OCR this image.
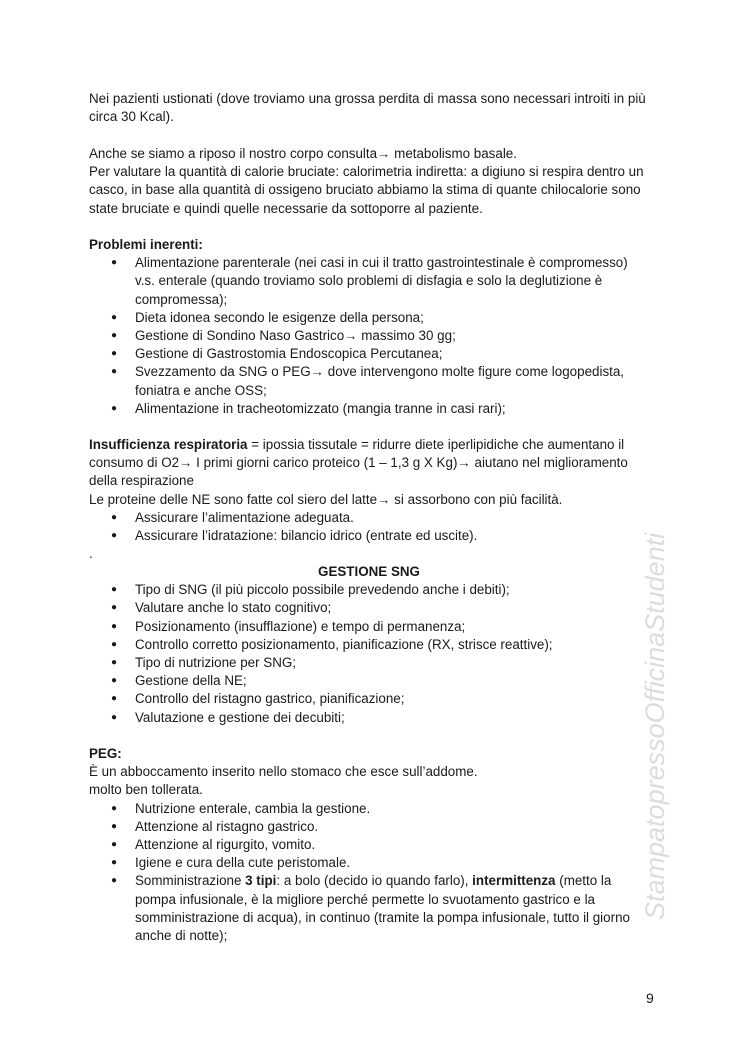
Nei pazienti ustionati (dove troviamo una grossa perdita di massa sono necessari introiti in più circa 30 Kcal).

Anche se siamo a riposo il nostro corpo consulta→ metabolismo basale.

Per valutare la quantità di calorie bruciate: calorimetria indiretta: a digiuno si respira dentro un casco, in base alla quantità di ossigeno bruciato abbiamo la stima di quante chilocalorie sono state bruciate e quindi quelle necessarie da sottoporre al paziente.

Problemi inerenti:

● Alimentazione parenterale (nei casi in cui il tratto gastrointestinale è compromesso) v.s. enterale (quando troviamo solo problemi di disfagia e solo la deglutizione è compromessa);
● Dieta idonea secondo le esigenze della persona;
● Gestione di Sondino Naso Gastrico→ massimo 30 gg;
● Gestione di Gastrostomia Endoscopica Percutanea;
● Svezzamento da SNG o PEG→ dove intervengono molte figure come logopedista, foniatra e anche OSS;
● Alimentazione in tracheotomizzato (mangia tranne in casi rari);

Insufficienza respiratoria = ipossia tissutale = ridurre diete iperlipidiche che aumentano il consumo di O2→ I primi giorni carico proteico (1 – 1,3 g X Kg)→ aiutano nel miglioramento della respirazione

Le proteine delle NE sono fatte col siero del latte→ si assorbono con più facilità.

● Assicurare l’alimentazione adeguata.
● Assicurare l’idratazione: bilancio idrico (entrate ed uscite).

.

GESTIONE SNG

● Tipo di SNG (il più piccolo possibile prevedendo anche i debiti);
● Valutare anche lo stato cognitivo;
● Posizionamento (insufflazione) e tempo di permanenza;
● Controllo corretto posizionamento, pianificazione (RX, strisce reattive);
● Tipo di nutrizione per SNG;
● Gestione della NE;
● Controllo del ristagno gastrico, pianificazione;
● Valutazione e gestione dei decubiti;

PEG:

È un abboccamento inserito nello stomaco che esce sull’addome.

molto ben tollerata.

● Nutrizione enterale, cambia la gestione.
● Attenzione al ristagno gastrico.
● Attenzione al rigurgito, vomito.
● Igiene e cura della cute peristomale.
● Somministrazione 3 tipi: a bolo (decido io quando farlo), intermittenza (metto la pompa infusionale, è la migliore perché permette lo svuotamento gastrico e la somministrazione di acqua), in continuo (tramite la pompa infusionale, tutto il giorno anche di notte);
StampatopressoOfficinaStudenti
9
